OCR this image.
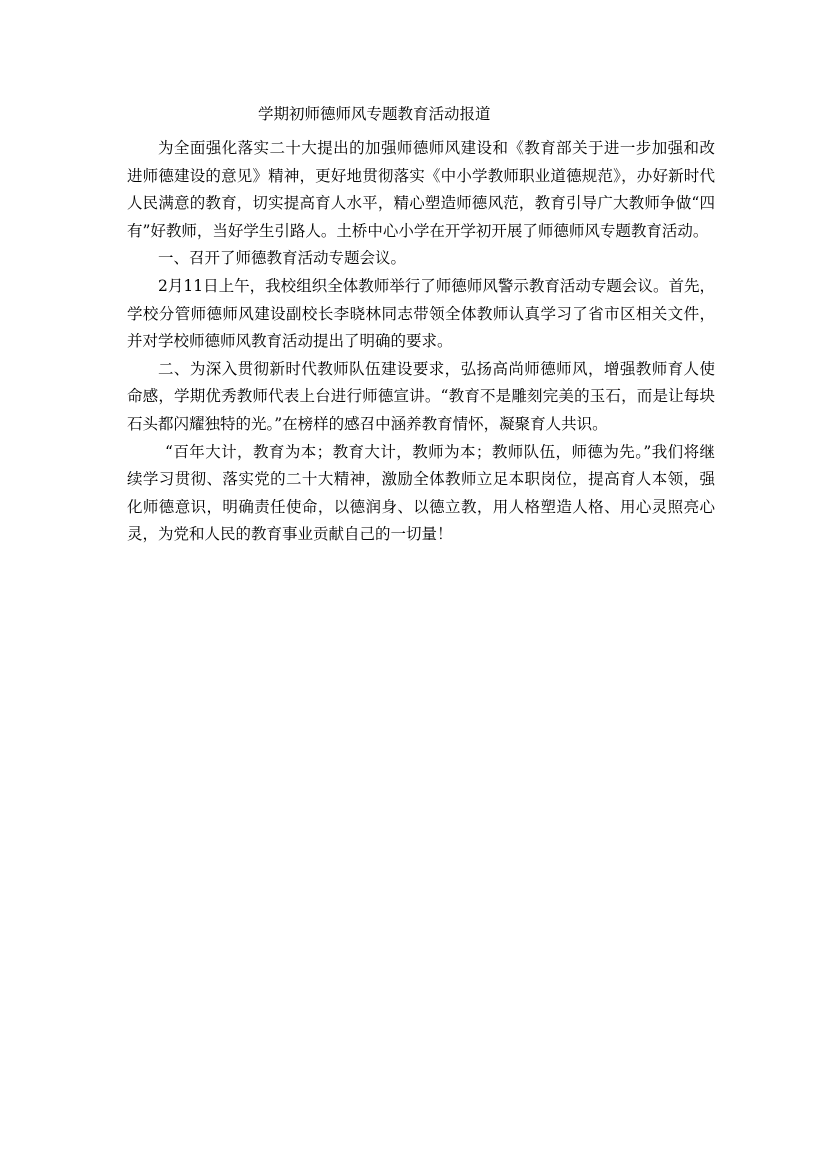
学期初师德师风专题教育活动报道

为全面强化落实二十大提出的加强师德师风建设和《教育部关于进一步加强和改进师德建设的意见》精神，更好地贯彻落实《中小学教师职业道德规范》，办好新时代人民满意的教育，切实提高育人水平，精心塑造师德风范，教育引导广大教师争做“四有”好教师，当好学生引路人。土桥中心小学在开学初开展了师德师风专题教育活动。

一、召开了师德教育活动专题会议。

2月11日上午，我校组织全体教师举行了师德师风警示教育活动专题会议。首先，学校分管师德师风建设副校长李晓林同志带领全体教师认真学习了省市区相关文件，并对学校师德师风教育活动提出了明确的要求。

二、为深入贯彻新时代教师队伍建设要求，弘扬高尚师德师风，增强教师育人使命感，学期优秀教师代表上台进行师德宣讲。“教育不是雕刻完美的玉石，而是让每块石头都闪耀独特的光。”在榜样的感召中涵养教育情怀，凝聚育人共识。

“百年大计，教育为本；教育大计，教师为本；教师队伍，师德为先。”我们将继续学习贯彻、落实党的二十大精神，激励全体教师立足本职岗位，提高育人本领，强化师德意识，明确责任使命，以德润身、以德立教，用人格塑造人格、用心灵照亮心灵，为党和人民的教育事业贡献自己的一切量！
